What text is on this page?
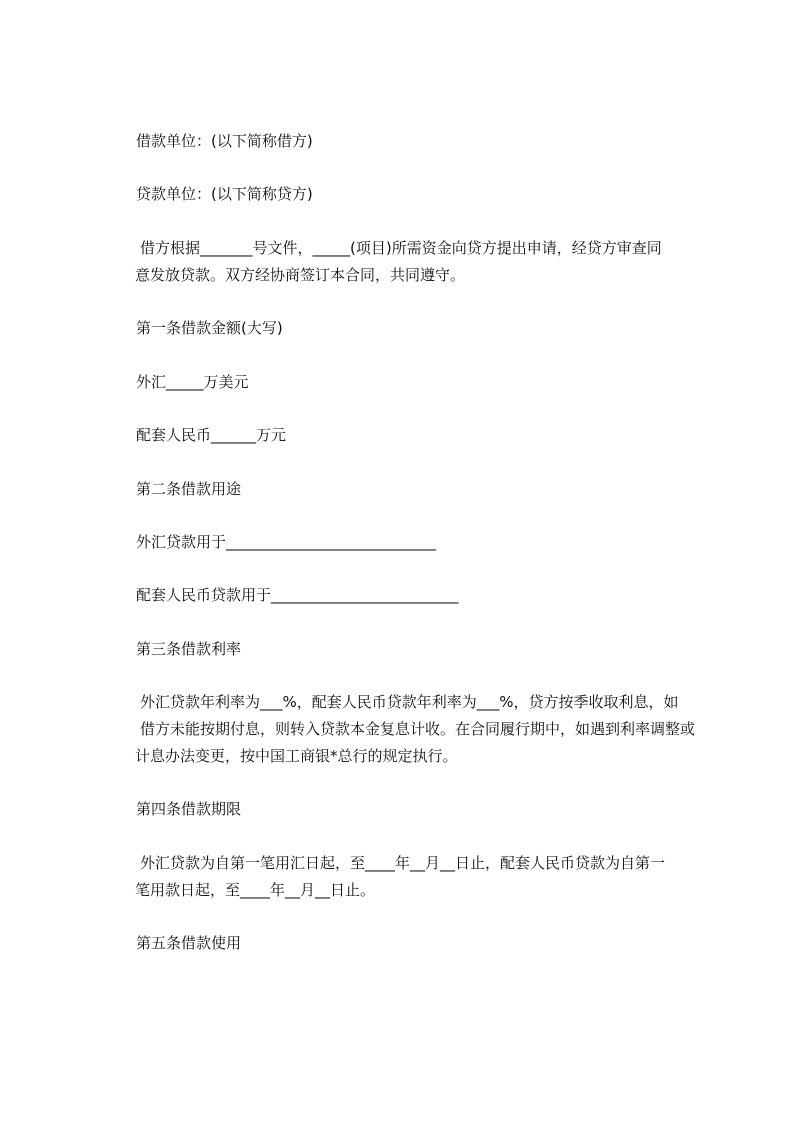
借款单位：(以下简称借方)

贷款单位：(以下简称贷方)

借方根据_______号文件，_____(项目)所需资金向贷方提出申请，经贷方审查同

意发放贷款。双方经协商签订本合同，共同遵守。

第一条借款金额(大写)

外汇_____万美元

配套人民币______万元

第二条借款用途

外汇贷款用于____________________________

配套人民币贷款用于_________________________

第三条借款利率

外汇贷款年利率为___%，配套人民币贷款年利率为___%，贷方按季收取利息，如

借方未能按期付息，则转入贷款本金复息计收。在合同履行期中，如遇到利率调整或

计息办法变更，按中国工商银*总行的规定执行。

第四条借款期限

外汇贷款为自第一笔用汇日起，至____年__月__日止，配套人民币贷款为自第一

笔用款日起，至____年__月__日止。

第五条借款使用
